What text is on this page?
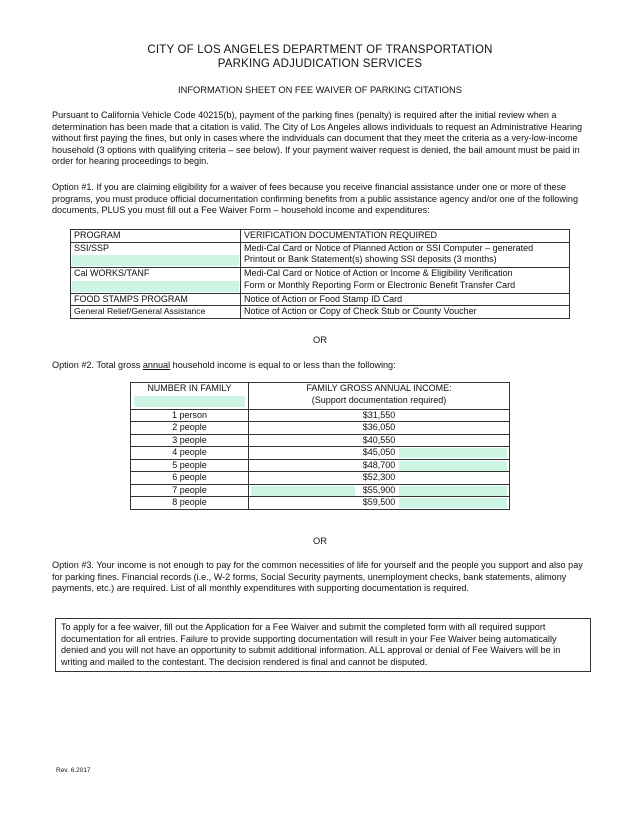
CITY OF LOS ANGELES DEPARTMENT OF TRANSPORTATION
PARKING ADJUDICATION SERVICES
INFORMATION SHEET ON FEE WAIVER OF PARKING CITATIONS
Pursuant to California Vehicle Code 40215(b), payment of the parking fines (penalty) is required after the initial review when a determination has been made that a citation is valid. The City of Los Angeles allows individuals to request an Administrative Hearing without first paying the fines, but only in cases where the individuals can document that they meet the criteria as a very-low-income household (3 options with qualifying criteria – see below). If your payment waiver request is denied, the bail amount must be paid in order for hearing proceedings to begin.
Option #1. If you are claiming eligibility for a waiver of fees because you receive financial assistance under one or more of these programs, you must produce official documentation confirming benefits from a public assistance agency and/or one of the following documents, PLUS you must fill out a Fee Waiver Form – household income and expenditures:
PROGRAM	VERIFICATION DOCUMENTATION REQUIRED

SSI/SSP	Medi-Cal Card or Notice of Planned Action or SSI Computer – generated
Printout or Bank Statement(s) showing SSI deposits (3 months)

Cal WORKS/TANF	Medi-Cal Card or Notice of Action or Income & Eligibility Verification
Form or Monthly Reporting Form or Electronic Benefit Transfer Card

FOOD STAMPS PROGRAM	Notice of Action or Food Stamp ID Card
General Relief/General Assistance	Notice of Action or Copy of Check Stub or County Voucher
OR
Option #2. Total gross annual household income is equal to or less than the following:
NUMBER IN FAMILY	FAMILY GROSS ANNUAL INCOME:
(Support documentation required)

1 person	$31,550
2 people	$36,050
3 people	$40,550
4 people	$45,050

5 people	$48,700

6 people	$52,300
7 people	$55,900

8 people	$59,500
OR
Option #3. Your income is not enough to pay for the common necessities of life for yourself and the people you support and also pay for parking fines. Financial records (i.e., W-2 forms, Social Security payments, unemployment checks, bank statements, alimony payments, etc.) are required. List of all monthly expenditures with supporting documentation is required.
To apply for a fee waiver, fill out the Application for a Fee Waiver and submit the completed form with all required support documentation for all entries. Failure to provide supporting documentation will result in your Fee Waiver being automatically denied and you will not have an opportunity to submit additional information. ALL approval or denial of Fee Waivers will be in writing and mailed to the contestant. The decision rendered is final and cannot be disputed.
Rev. 6.2017
